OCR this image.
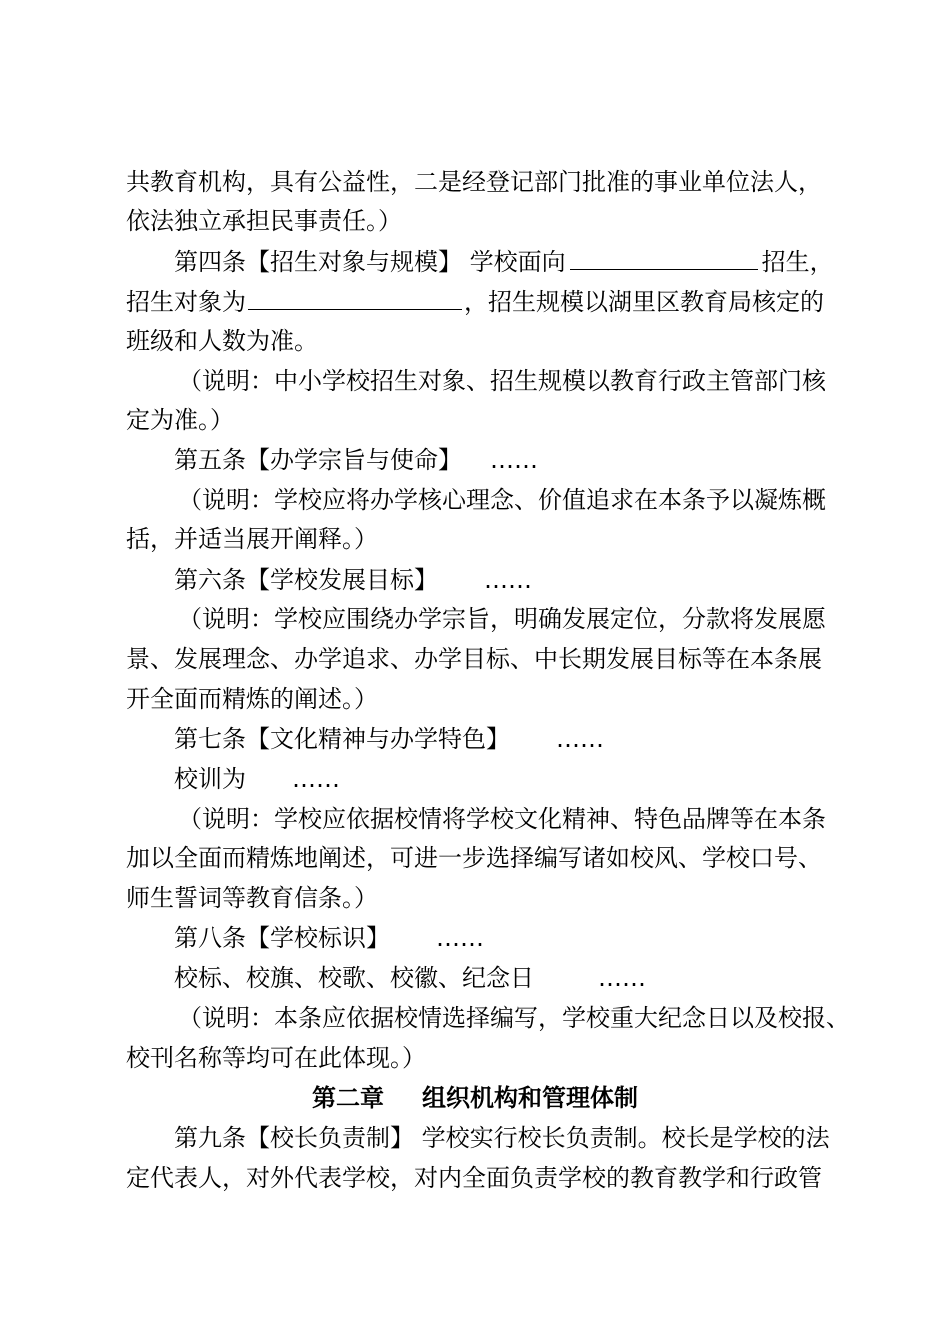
共教育机构，具有公益性，二是经登记部门批准的事业单位法人，
依法独立承担民事责任。）
第四条【招生对象与规模】 学校面向	招生，
招生对象为	，招生规模以湖里区教育局核定的
班级和人数为准。
（说明：中小学校招生对象、招生规模以教育行政主管部门核
定为准。）
第五条【办学宗旨与使命】 ……
（说明：学校应将办学核心理念、价值追求在本条予以凝炼概
括，并适当展开阐释。）
第六条【学校发展目标】 ……
（说明：学校应围绕办学宗旨，明确发展定位，分款将发展愿
景、发展理念、办学追求、办学目标、中长期发展目标等在本条展
开全面而精炼的阐述。）
第七条【文化精神与办学特色】 ……
校训为 ……
（说明：学校应依据校情将学校文化精神、特色品牌等在本条
加以全面而精炼地阐述，可进一步选择编写诸如校风、学校口号、
师生誓词等教育信条。）
第八条【学校标识】 ……
校标、校旗、校歌、校徽、纪念日	……
（说明：本条应依据校情选择编写，学校重大纪念日以及校报、
校刊名称等均可在此体现。）
第二章 组织机构和管理体制
第九条【校长负责制】 学校实行校长负责制。校长是学校的法
定代表人，对外代表学校，对内全面负责学校的教育教学和行政管
